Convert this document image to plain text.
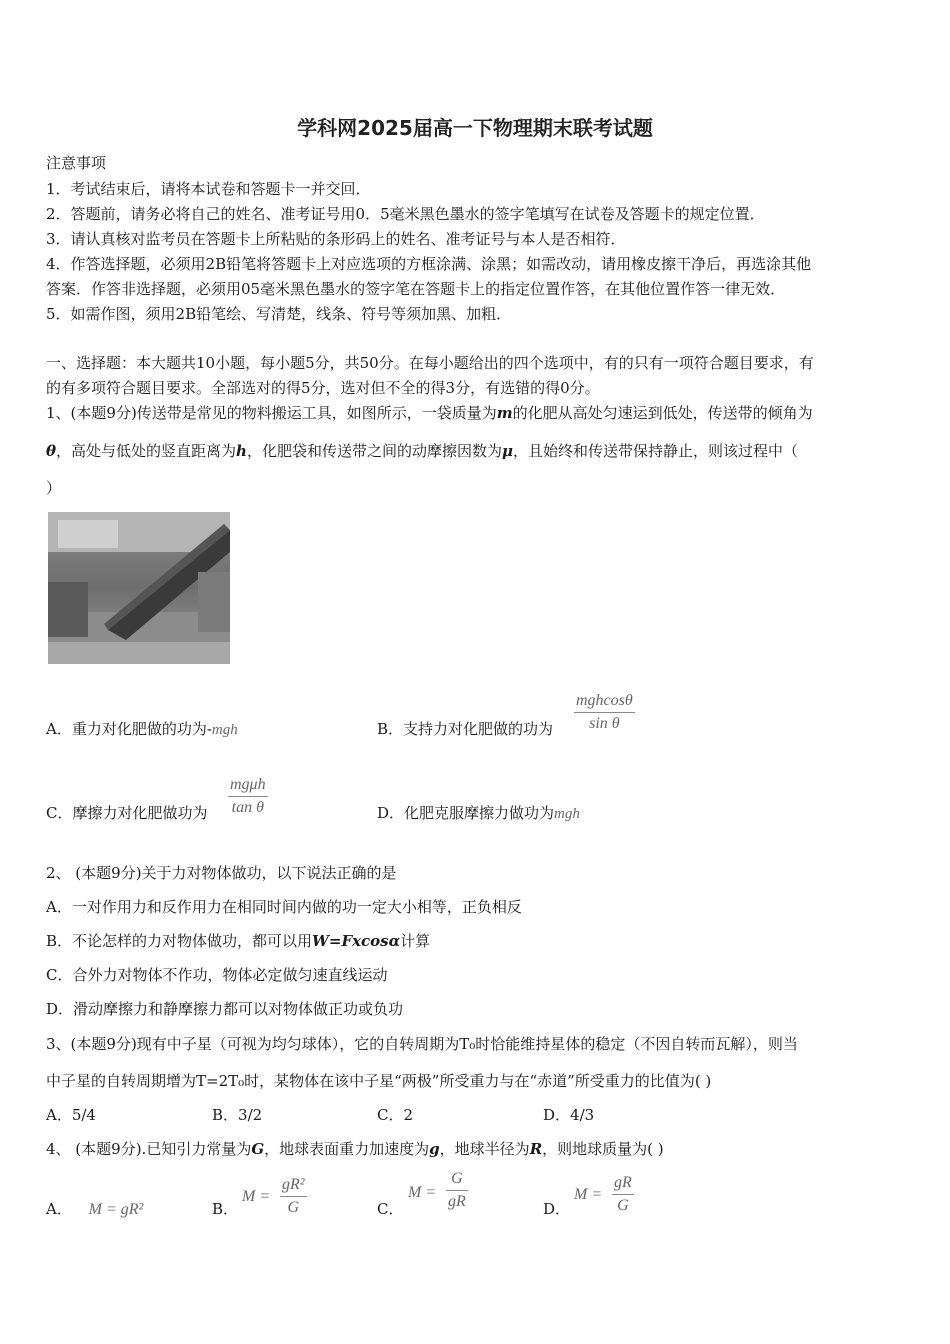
学科网2025届高一下物理期末联考试题
注意事项
1．考试结束后，请将本试卷和答题卡一并交回．
2．答题前，请务必将自己的姓名、准考证号用0．5毫米黑色墨水的签字笔填写在试卷及答题卡的规定位置．
3．请认真核对监考员在答题卡上所粘贴的条形码上的姓名、准考证号与本人是否相符．
4．作答选择题，必须用2B铅笔将答题卡上对应选项的方框涂满、涂黑；如需改动，请用橡皮擦干净后，再选涂其他
答案．作答非选择题，必须用05毫米黑色墨水的签字笔在答题卡上的指定位置作答，在其他位置作答一律无效．
5．如需作图，须用2B铅笔绘、写清楚，线条、符号等须加黑、加粗．
一、选择题：本大题共10小题，每小题5分，共50分。在每小题给出的四个选项中，有的只有一项符合题目要求，有
的有多项符合题目要求。全部选对的得5分，选对但不全的得3分，有选错的得0分。
1、(本题9分)传送带是常见的物料搬运工具，如图所示，一袋质量为m的化肥从高处匀速运到低处，传送带的倾角为
θ，高处与低处的竖直距离为h，化肥袋和传送带之间的动摩擦因数为μ，且始终和传送带保持静止，则该过程中（
）
A．重力对化肥做的功为-mgh	B．支持力对化肥做的功为
mghcosθ
sin θ
C．摩擦力对化肥做功为
mgμh
tan θ	D．化肥克服摩擦力做功为mgh
2、 (本题9分)关于力对物体做功，以下说法正确的是
A．一对作用力和反作用力在相同时间内做的功一定大小相等，正负相反
B．不论怎样的力对物体做功，都可以用W=Fxcosα计算
C．合外力对物体不作功，物体必定做匀速直线运动
D．滑动摩擦力和静摩擦力都可以对物体做正功或负功
3、(本题9分)现有中子星（可视为均匀球体），它的自转周期为T₀时恰能维持星体的稳定（不因自转而瓦解），则当
中子星的自转周期增为T=2T₀时，某物体在该中子星“两极”所受重力与在“赤道”所受重力的比值为( )
A．5/4	B．3/2	C．2	D．4/3
4、 (本题9分).已知引力常量为G，地球表面重力加速度为g，地球半径为R，则地球质量为( )
A． M = gR²	B．
M =
gR²
G	C．
M =
G
gR	D．
M =
gR
G
